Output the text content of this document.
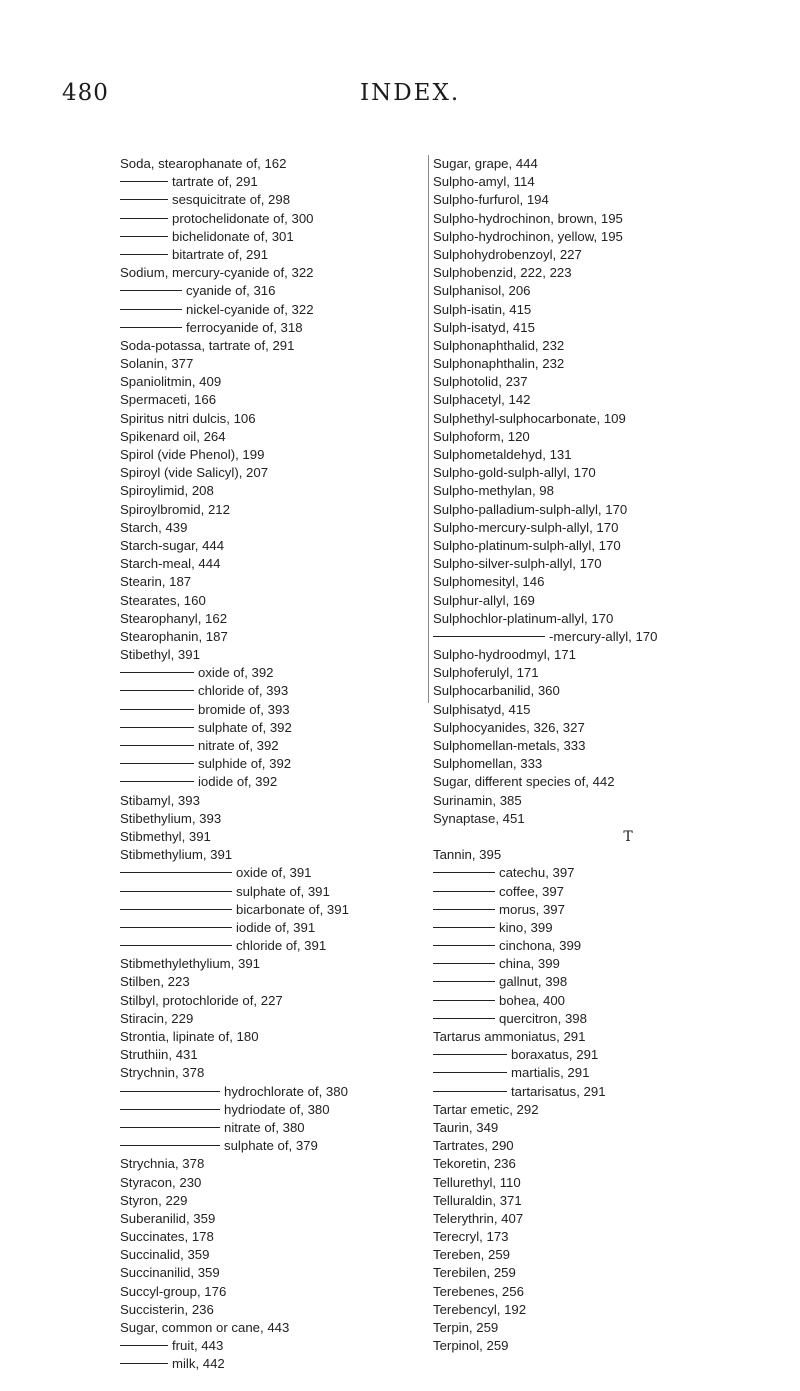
480	INDEX.
Soda, stearophanate of, 162
tartrate of, 291
sesquicitrate of, 298
protochelidonate of, 300
bichelidonate of, 301
bitartrate of, 291
Sodium, mercury-cyanide of, 322
cyanide of, 316
nickel-cyanide of, 322
ferrocyanide of, 318
Soda-potassa, tartrate of, 291
Solanin, 377
Spaniolitmin, 409
Spermaceti, 166
Spiritus nitri dulcis, 106
Spikenard oil, 264
Spirol (vide Phenol), 199
Spiroyl (vide Salicyl), 207
Spiroylimid, 208
Spiroylbromid, 212
Starch, 439
Starch-sugar, 444
Starch-meal, 444
Stearin, 187
Stearates, 160
Stearophanyl, 162
Stearophanin, 187
Stibethyl, 391
oxide of, 392
chloride of, 393
bromide of, 393
sulphate of, 392
nitrate of, 392
sulphide of, 392
iodide of, 392
Stibamyl, 393
Stibethylium, 393
Stibmethyl, 391
Stibmethylium, 391
oxide of, 391
sulphate of, 391
bicarbonate of, 391
iodide of, 391
chloride of, 391
Stibmethylethylium, 391
Stilben, 223
Stilbyl, protochloride of, 227
Stiracin, 229
Strontia, lipinate of, 180
Struthiin, 431
Strychnin, 378
hydrochlorate of, 380
hydriodate of, 380
nitrate of, 380
sulphate of, 379
Strychnia, 378
Styracon, 230
Styron, 229
Suberanilid, 359
Succinates, 178
Succinalid, 359
Succinanilid, 359
Succyl-group, 176
Succisterin, 236
Sugar, common or cane, 443
fruit, 443
milk, 442
Sugar, grape, 444
Sulpho-amyl, 114
Sulpho-furfurol, 194
Sulpho-hydrochinon, brown, 195
Sulpho-hydrochinon, yellow, 195
Sulphohydrobenzoyl, 227
Sulphobenzid, 222, 223
Sulphanisol, 206
Sulph-isatin, 415
Sulph-isatyd, 415
Sulphonaphthalid, 232
Sulphonaphthalin, 232
Sulphotolid, 237
Sulphacetyl, 142
Sulphethyl-sulphocarbonate, 109
Sulphoform, 120
Sulphometaldehyd, 131
Sulpho-gold-sulph-allyl, 170
Sulpho-methylan, 98
Sulpho-palladium-sulph-allyl, 170
Sulpho-mercury-sulph-allyl, 170
Sulpho-platinum-sulph-allyl, 170
Sulpho-silver-sulph-allyl, 170
Sulphomesityl, 146
Sulphur-allyl, 169
Sulphochlor-platinum-allyl, 170
-mercury-allyl, 170
Sulpho-hydroodmyl, 171
Sulphoferulyl, 171
Sulphocarbanilid, 360
Sulphisatyd, 415
Sulphocyanides, 326, 327
Sulphomellan-metals, 333
Sulphomellan, 333
Sugar, different species of, 442
Surinamin, 385
Synaptase, 451
T
Tannin, 395
catechu, 397
coffee, 397
morus, 397
kino, 399
cinchona, 399
china, 399
gallnut, 398
bohea, 400
quercitron, 398
Tartarus ammoniatus, 291
boraxatus, 291
martialis, 291
tartarisatus, 291
Tartar emetic, 292
Taurin, 349
Tartrates, 290
Tekoretin, 236
Tellurethyl, 110
Telluraldin, 371
Telerythrin, 407
Terecryl, 173
Tereben, 259
Terebilen, 259
Terebenes, 256
Terebencyl, 192
Terpin, 259
Terpinol, 259
